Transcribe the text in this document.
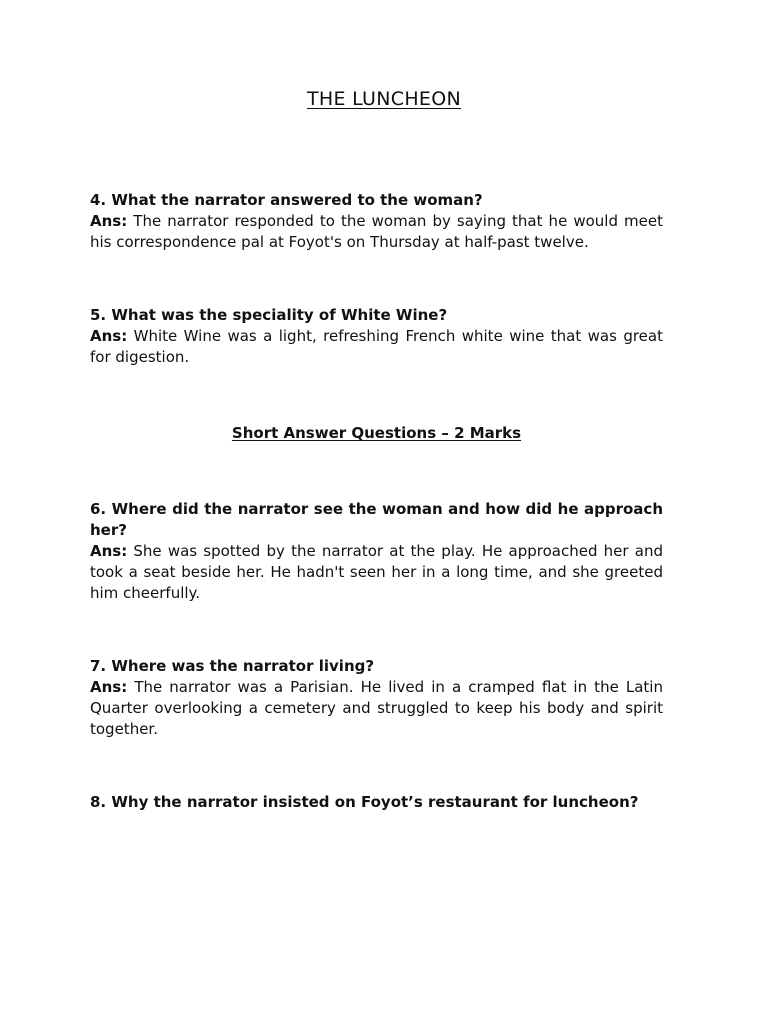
THE LUNCHEON

4. What the narrator answered to the woman?

Ans: The narrator responded to the woman by saying that he would meet his correspondence pal at Foyot's on Thursday at half-past twelve.

5. What was the speciality of White Wine?

Ans: White Wine was a light, refreshing French white wine that was great for digestion.

Short Answer Questions – 2 Marks

6. Where did the narrator see the woman and how did he approach her?

Ans: She was spotted by the narrator at the play. He approached her and took a seat beside her. He hadn't seen her in a long time, and she greeted him cheerfully.

7. Where was the narrator living?

Ans: The narrator was a Parisian. He lived in a cramped flat in the Latin Quarter overlooking a cemetery and struggled to keep his body and spirit together.

8. Why the narrator insisted on Foyot’s restaurant for luncheon?
